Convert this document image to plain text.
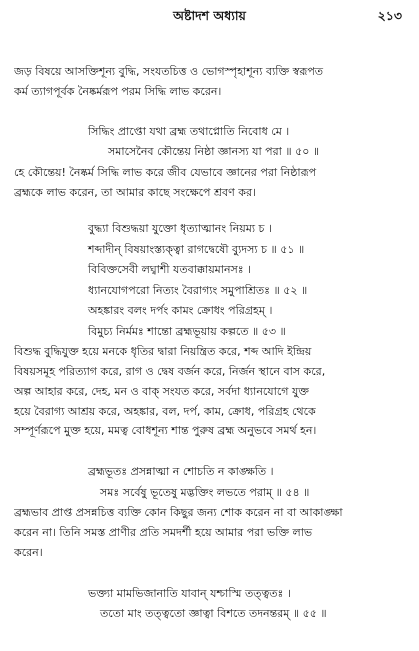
অষ্টাদশ অধ্যায়	২১৩

জড় বিষয়ে আসক্তিশূন্য বুদ্ধি, সংযতচিত্ত ও ভোগস্পৃহাশূন্য ব্যক্তি স্বরূপত

কর্ম ত্যাগপূর্বক নৈষ্কর্মরূপ পরম সিদ্ধি লাভ করেন।

সিদ্ধিং প্রাপ্তো যথা ব্রহ্ম তথাপ্নোতি নিবোধ মে ।

সমাসেনৈব কৌন্তেয় নিষ্ঠা জ্ঞানস্য যা পরা ॥ ৫০ ॥

হে কৌন্তেয়! নৈষ্কর্ম সিদ্ধি লাভ করে জীব যেভাবে জ্ঞানের পরা নিষ্ঠারূপ

ব্রহ্মকে লাভ করেন, তা আমার কাছে সংক্ষেপে শ্রবণ কর।

বুদ্ধ্যা বিশুদ্ধয়া যুক্তো ধৃত্যাত্মানং নিয়ম্য চ ।

শব্দাদীন্ বিষয়াংস্ত্যক্ত্বা রাগদ্বেষৌ ব্যুদস্য চ ॥ ৫১ ॥

বিবিক্তসেবী লঘ্বাশী যতবাক্কায়মানসঃ ।

ধ্যানযোগপরো নিত্যং বৈরাগ্যং সমুপাশ্রিতঃ ॥ ৫২ ॥

অহঙ্কারং বলং দর্পং কামং ক্রোধং পরিগ্রহম্ ।

বিমুচ্য নির্মমঃ শান্তো ব্রহ্মভূয়ায় কল্পতে ॥ ৫৩ ॥

বিশুদ্ধ বুদ্ধিযুক্ত হয়ে মনকে ধৃতির দ্বারা নিয়ন্ত্রিত করে, শব্দ আদি ইন্দ্রিয়

বিষয়সমূহ পরিত্যাগ করে, রাগ ও দ্বেষ বর্জন করে, নির্জন স্থানে বাস করে,

অল্প আহার করে, দেহ, মন ও বাক্ সংযত করে, সর্বদা ধ্যানযোগে যুক্ত

হয়ে বৈরাগ্য আশ্রয় করে, অহঙ্কার, বল, দর্প, কাম, ক্রোধ, পরিগ্রহ থেকে

সম্পূর্ণরূপে মুক্ত হয়ে, মমত্ব বোধশূন্য শান্ত পুরুষ ব্রহ্ম অনুভবে সমর্থ হন।

ব্রহ্মভূতঃ প্রসন্নাত্মা ন শোচতি ন কাঙ্ক্ষতি ।

সমঃ সর্বেষু ভূতেষু মদ্ভক্তিং লভতে পরাম্ ॥ ৫৪ ॥

ব্রহ্মভাব প্রাপ্ত প্রসন্নচিত্ত ব্যক্তি কোন কিছুর জন্য শোক করেন না বা আকাঙ্ক্ষা

করেন না। তিনি সমস্ত প্রাণীর প্রতি সমদর্শী হয়ে আমার পরা ভক্তি লাভ

করেন।

ভক্ত্যা মামভিজানাতি যাবান্ যশ্চাস্মি তত্ত্বতঃ ।

ততো মাং তত্ত্বতো জ্ঞাত্বা বিশতে তদনন্তরম্ ॥ ৫৫ ॥
